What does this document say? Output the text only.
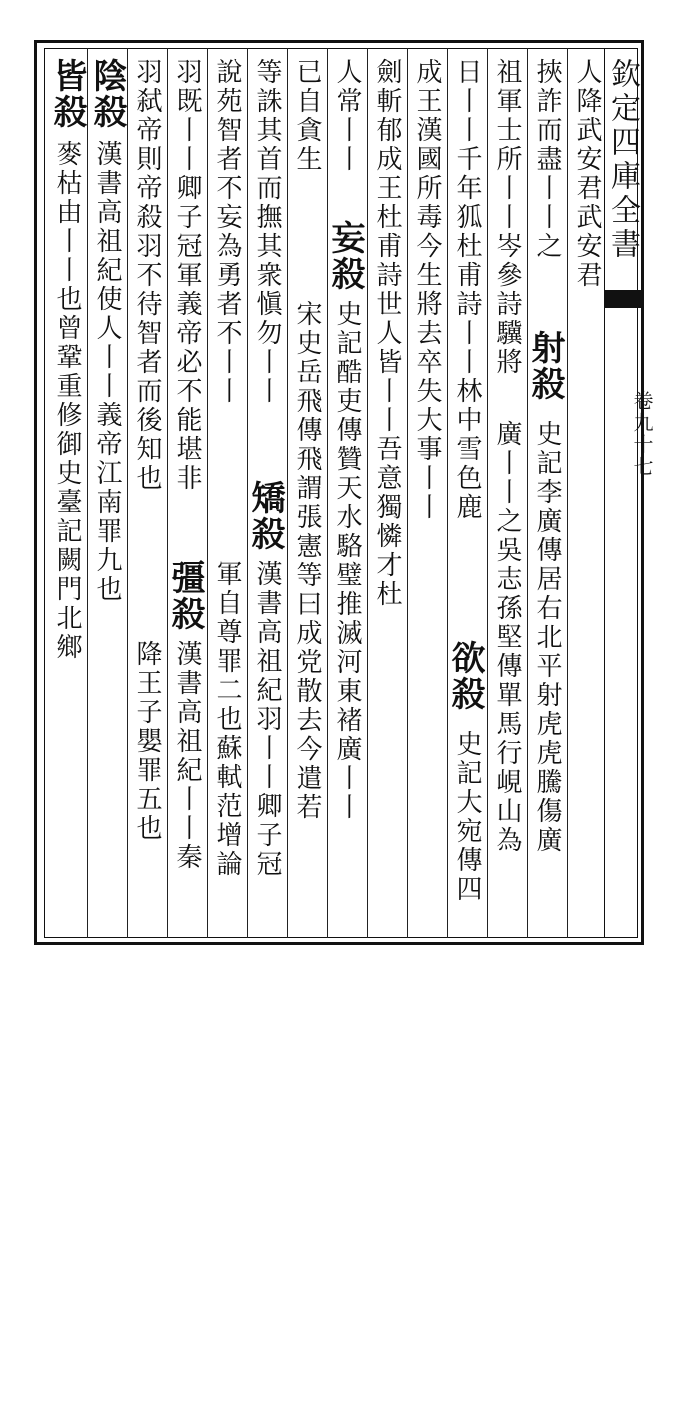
欽定四庫全書
卷九十七
人降武安君武安君
史記李廣傳居右北平射虎虎騰傷廣
射殺
挾詐而盡丨丨之
廣丨丨之吳志孫堅傳單馬行峴山為
祖軍士所丨丨岑參詩驥將
日丨丨千年狐杜甫詩丨丨林中雪色鹿
欲殺
史記大宛傳四
成王漢國所毒今生將去卒失大事丨丨
劍斬郁成王杜甫詩世人皆丨丨吾意獨憐才杜
人常丨丨
妄殺
史記酷吏傳贊天水駱璧推滅河東褚廣丨丨
已自貪生
宋史岳飛傳飛謂張憲等曰成党散去今遣若
等誅其首而撫其衆愼勿丨丨
矯殺
漢書高祖紀羽丨丨卿子冠
說苑智者不妄為勇者不丨丨
軍自尊罪二也蘇軾范增論
羽既丨丨卿子冠軍義帝必不能堪非
彊殺
漢書高祖紀丨丨秦
羽弑帝則帝殺羽不待智者而後知也
降王子嬰罪五也
陰殺
漢書高祖紀使人丨丨義帝江南罪九也
麥枯由丨丨也曾鞏重修御史臺記闕門北鄉
皆殺
